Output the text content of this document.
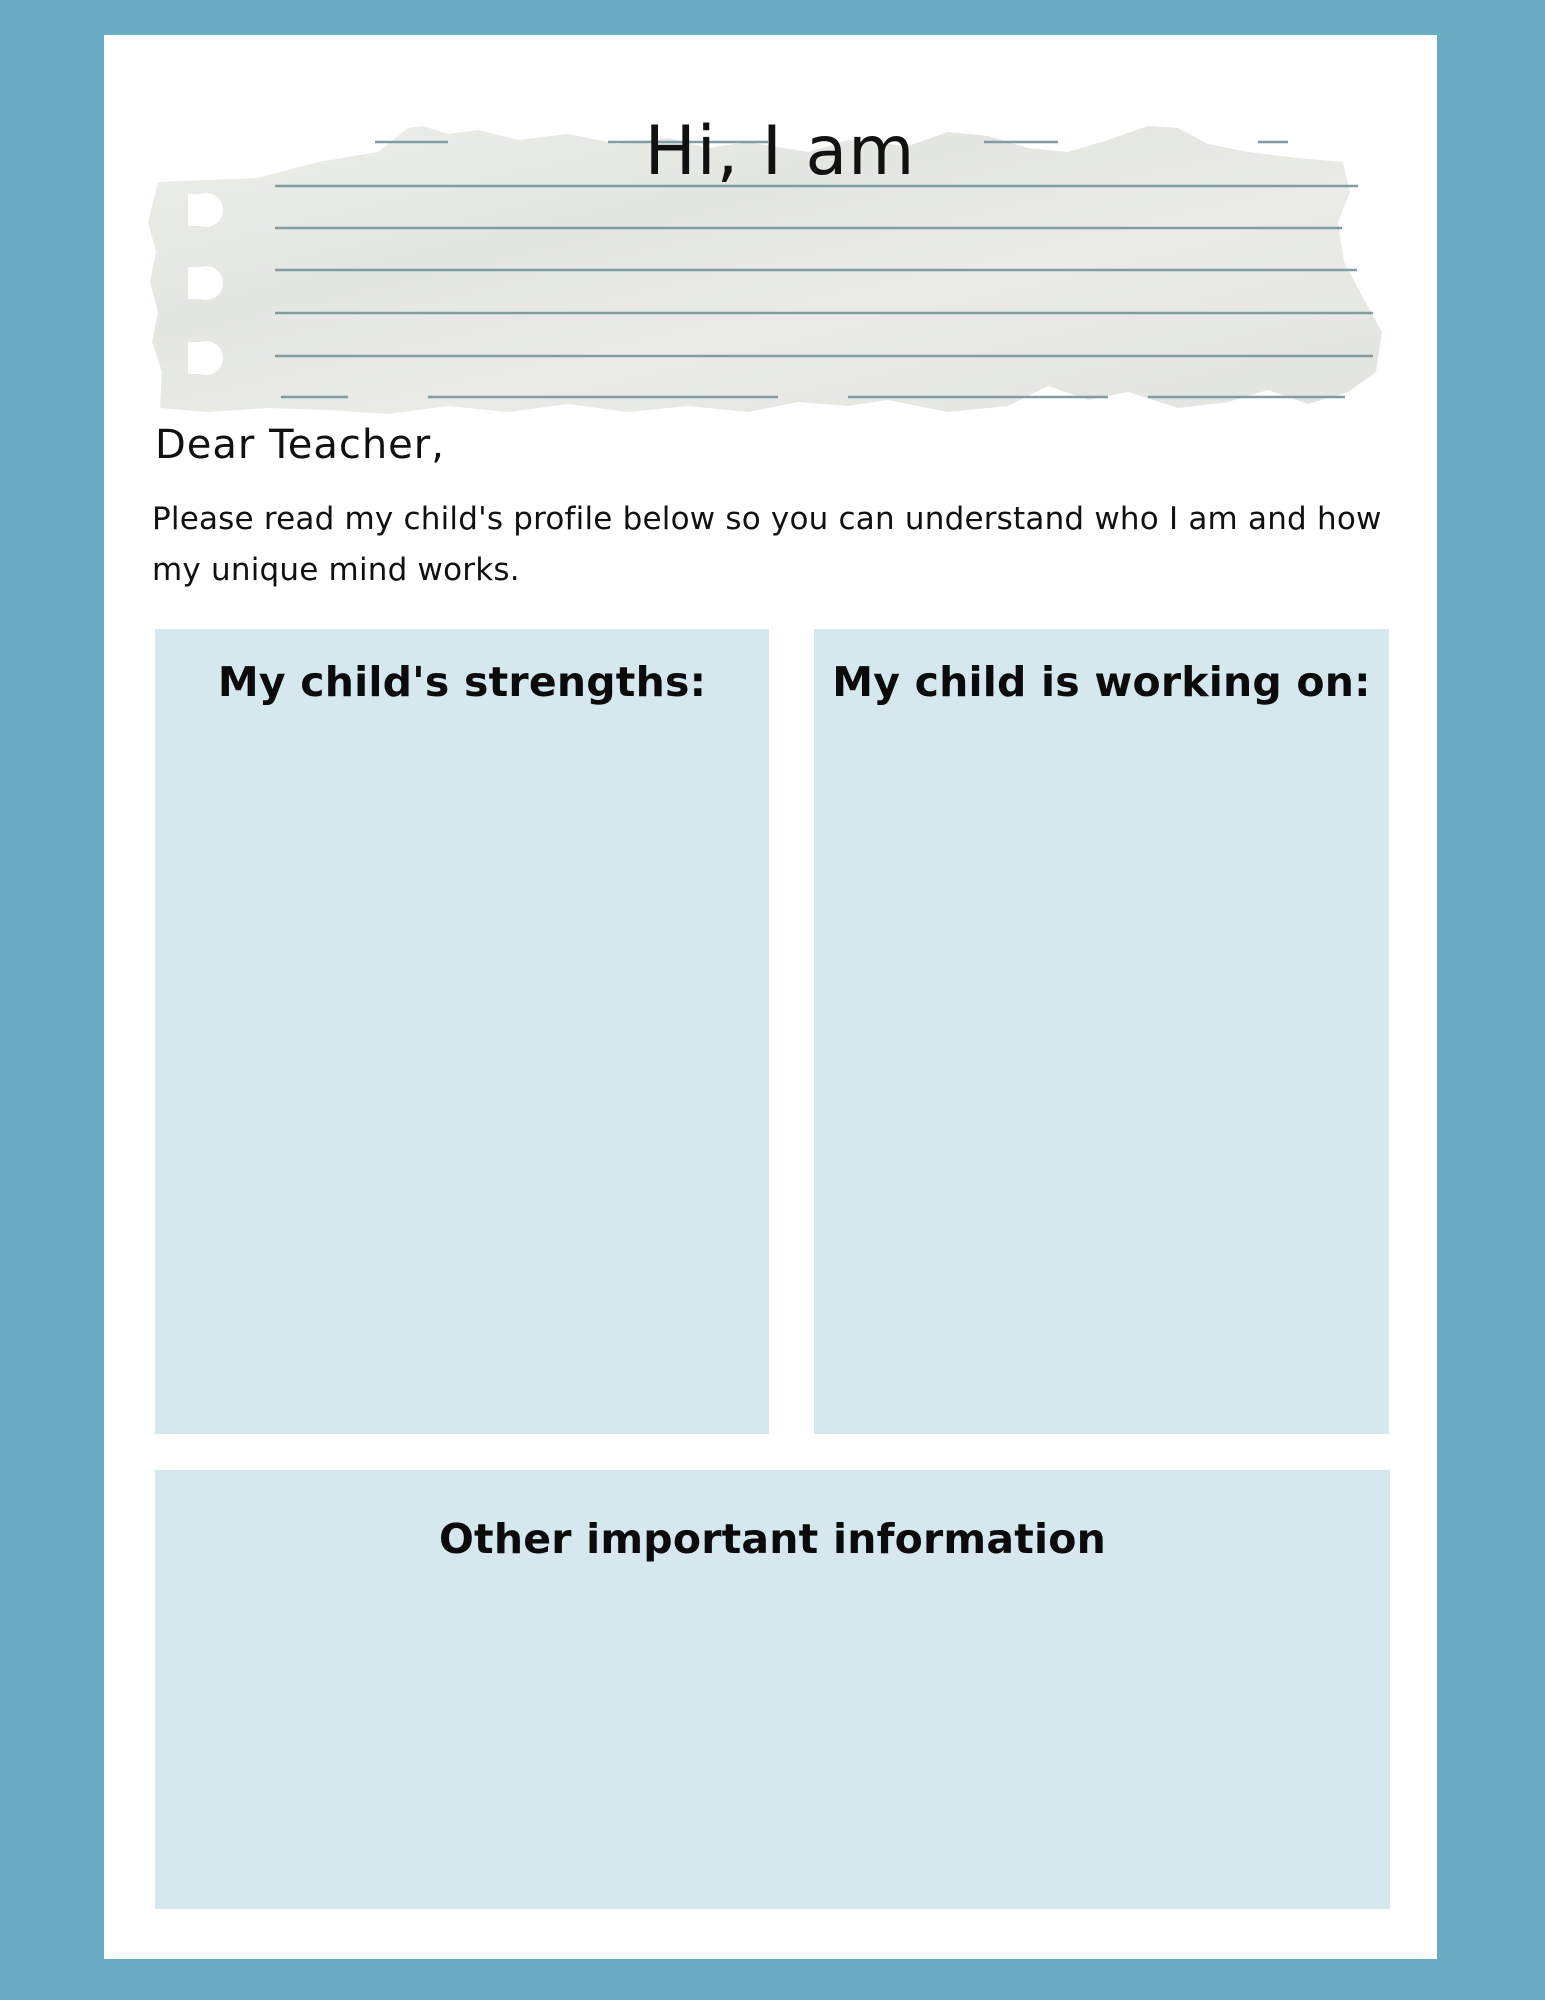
Hi, I am
Dear Teacher,
Please read my child's profile below so you can understand who I am and how my unique mind works.
My child's strengths:	My child is working on:
Other important information
